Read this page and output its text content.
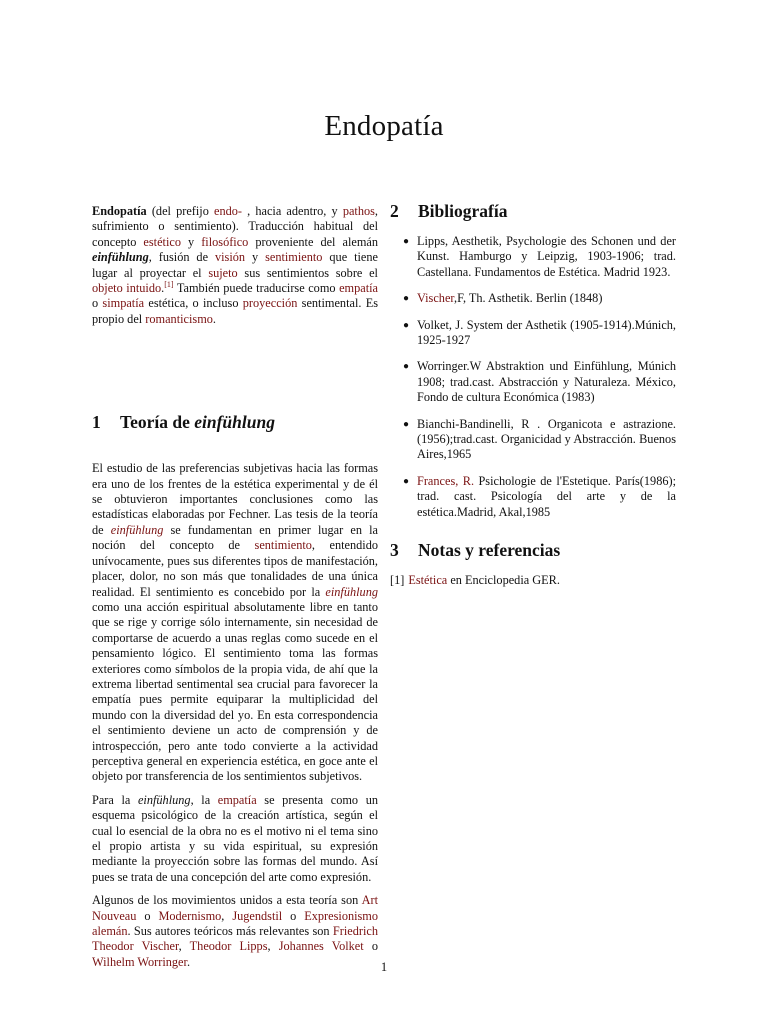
Endopatía

Endopatía (del prefijo endo- , hacia adentro, y pathos, sufrimiento o sentimiento). Traducción habitual del concepto estético y filosófico proveniente del alemán einfühlung, fusión de visión y sentimiento que tiene lugar al proyectar el sujeto sus sentimientos sobre el objeto intuido.[1] También puede traducirse como empatía o simpatía estética, o incluso proyección sentimental. Es propio del romanticismo.

1 Teoría de einfühlung

El estudio de las preferencias subjetivas hacia las formas era uno de los frentes de la estética experimental y de él se obtuvieron importantes conclusiones como las estadísticas elaboradas por Fechner. Las tesis de la teoría de einfühlung se fundamentan en primer lugar en la noción del concepto de sentimiento, entendido unívocamente, pues sus diferentes tipos de manifestación, placer, dolor, no son más que tonalidades de una única realidad. El sentimiento es concebido por la einfühlung como una acción espiritual absolutamente libre en tanto que se rige y corrige sólo internamente, sin necesidad de comportarse de acuerdo a unas reglas como sucede en el pensamiento lógico. El sentimiento toma las formas exteriores como símbolos de la propia vida, de ahí que la extrema libertad sentimental sea crucial para favorecer la empatía pues permite equiparar la multiplicidad del mundo con la diversidad del yo. En esta correspondencia el sentimiento deviene un acto de comprensión y de introspección, pero ante todo convierte a la actividad perceptiva general en experiencia estética, en goce ante el objeto por transferencia de los sentimientos subjetivos.

Para la einfühlung, la empatía se presenta como un esquema psicológico de la creación artística, según el cual lo esencial de la obra no es el motivo ni el tema sino el propio artista y su vida espiritual, su expresión mediante la proyección sobre las formas del mundo. Así pues se trata de una concepción del arte como expresión.

Algunos de los movimientos unidos a esta teoría son Art Nouveau o Modernismo, Jugendstil o Expresionismo alemán. Sus autores teóricos más relevantes son Friedrich Theodor Vischer, Theodor Lipps, Johannes Volket o Wilhelm Worringer.

2 Bibliografía
● Lipps, Aesthetik, Psychologie des Schonen und der Kunst. Hamburgo y Leipzig, 1903-1906; trad. Castellana. Fundamentos de Estética. Madrid 1923.
● Vischer,F, Th. Asthetik. Berlin (1848)
● Volket, J. System der Asthetik (1905-1914).Múnich, 1925-1927
● Worringer.W Abstraktion und Einfühlung, Múnich 1908; trad.cast. Abstracción y Naturaleza. México, Fondo de cultura Económica (1983)
● Bianchi-Bandinelli, R . Organicota e astrazione. (1956);trad.cast. Organicidad y Abstracción. Buenos Aires,1965
● Frances, R. Psichologie de l'Estetique. París(1986); trad. cast. Psicología del arte y de la estética.Madrid, Akal,1985
3 Notas y referencias
[1] Estética en Enciclopedia GER.
1
